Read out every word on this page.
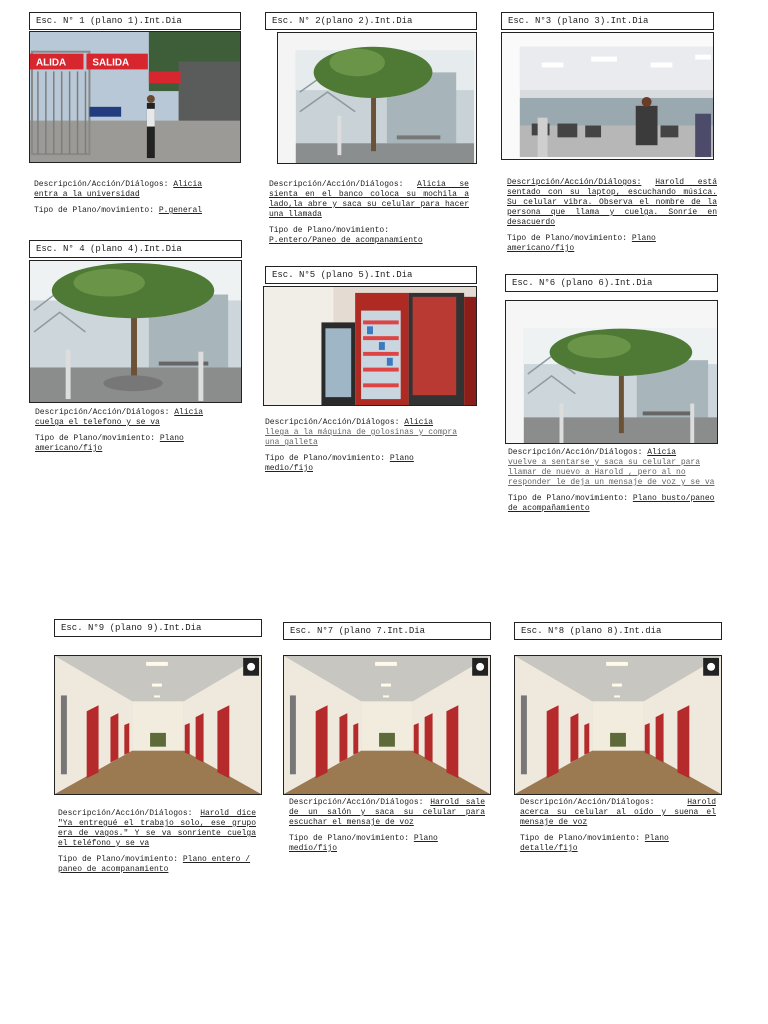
Esc. N° 1 (plano 1).Int.Dia
ALIDA	SALIDA

Descripción/Acción/Diálogos: Alicia entra a la universidad

Tipo de Plano/movimiento: P.general

Esc. N° 2(plano 2).Int.Dia

Descripción/Acción/Diálogos: Alicia se sienta en el banco coloca su mochila a lado,la abre y saca su celular para hacer una llamada

Tipo de Plano/movimiento:
P.entero/Paneo de acompanamiento

Esc. N°3 (plano 3).Int.Dia

Descripción/Acción/Diálogos: Harold está sentado con su laptop, escuchando música. Su celular vibra. Observa el nombre de la persona que llama y cuelga. Sonríe en desacuerdo

Tipo de Plano/movimiento: Plano americano/fijo

Esc. N° 4 (plano 4).Int.Dia

Descripción/Acción/Diálogos: Alicia cuelga el telefono y se va

Tipo de Plano/movimiento: Plano americano/fijo

Esc. N°5 (plano 5).Int.Dia

Descripción/Acción/Diálogos: Alicia
llega a la máquina de golosinas y compra una galleta

Tipo de Plano/movimiento: Plano medio/fijo

Esc. N°6 (plano 6).Int.Dia

Descripción/Acción/Diálogos: Alicia
vuelve a sentarse y saca su celular para llamar de nuevo a Harold , pero al no responder le deja un mensaje de voz y se va

Tipo de Plano/movimiento: Plano busto/paneo de acompañamiento

Esc. N°9 (plano 9).Int.Dia

Descripción/Acción/Diálogos: Harold dice "Ya entregué el trabajo solo, ese grupo era de vagos." Y se va sonriente cuelga el teléfono y se va

Tipo de Plano/movimiento: Plano entero / paneo de acompanamiento

Esc. N°7 (plano 7.Int.Dia

Descripción/Acción/Diálogos: Harold sale de un salón y saca su celular para escuchar el mensaje de voz

Tipo de Plano/movimiento: Plano medio/fijo

Esc. N°8 (plano 8).Int.dia

Descripción/Acción/Diálogos:	Harold acerca su celular al oído y suena el mensaje de voz

Tipo de Plano/movimiento: Plano detalle/fijo
